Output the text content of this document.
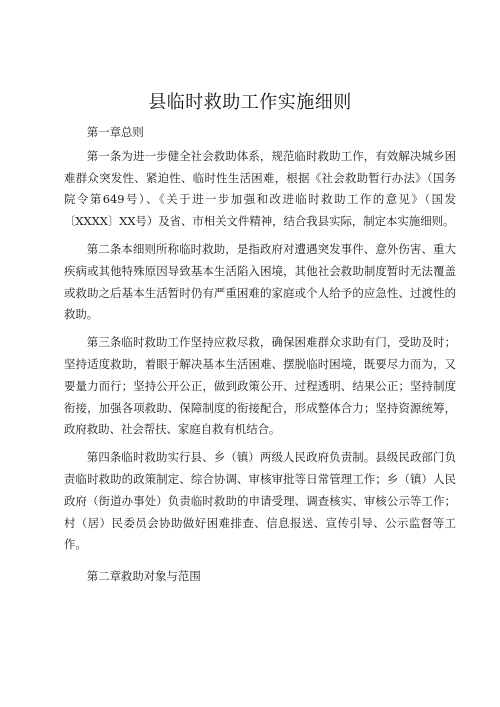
县临时救助工作实施细则

第一章总则

第一条为进一步健全社会救助体系，规范临时救助工作，有效解决城乡困难群众突发性、紧迫性、临时性生活困难，根据《社会救助暂行办法》（国务院令第649号）、《关于进一步加强和改进临时救助工作的意见》（国发〔XXXX〕XX号）及省、市相关文件精神，结合我县实际，制定本实施细则。

第二条本细则所称临时救助，是指政府对遭遇突发事件、意外伤害、重大疾病或其他特殊原因导致基本生活陷入困境，其他社会救助制度暂时无法覆盖或救助之后基本生活暂时仍有严重困难的家庭或个人给予的应急性、过渡性的救助。

第三条临时救助工作坚持应救尽救，确保困难群众求助有门，受助及时；坚持适度救助，着眼于解决基本生活困难、摆脱临时困境，既要尽力而为，又要量力而行；坚持公开公正，做到政策公开、过程透明、结果公正；坚持制度衔接，加强各项救助、保障制度的衔接配合，形成整体合力；坚持资源统筹，政府救助、社会帮扶、家庭自救有机结合。

第四条临时救助实行县、乡（镇）两级人民政府负责制。县级民政部门负责临时救助的政策制定、综合协调、审核审批等日常管理工作；乡（镇）人民政府（街道办事处）负责临时救助的申请受理、调查核实、审核公示等工作；村（居）民委员会协助做好困难排查、信息报送、宣传引导、公示监督等工作。

第二章救助对象与范围
